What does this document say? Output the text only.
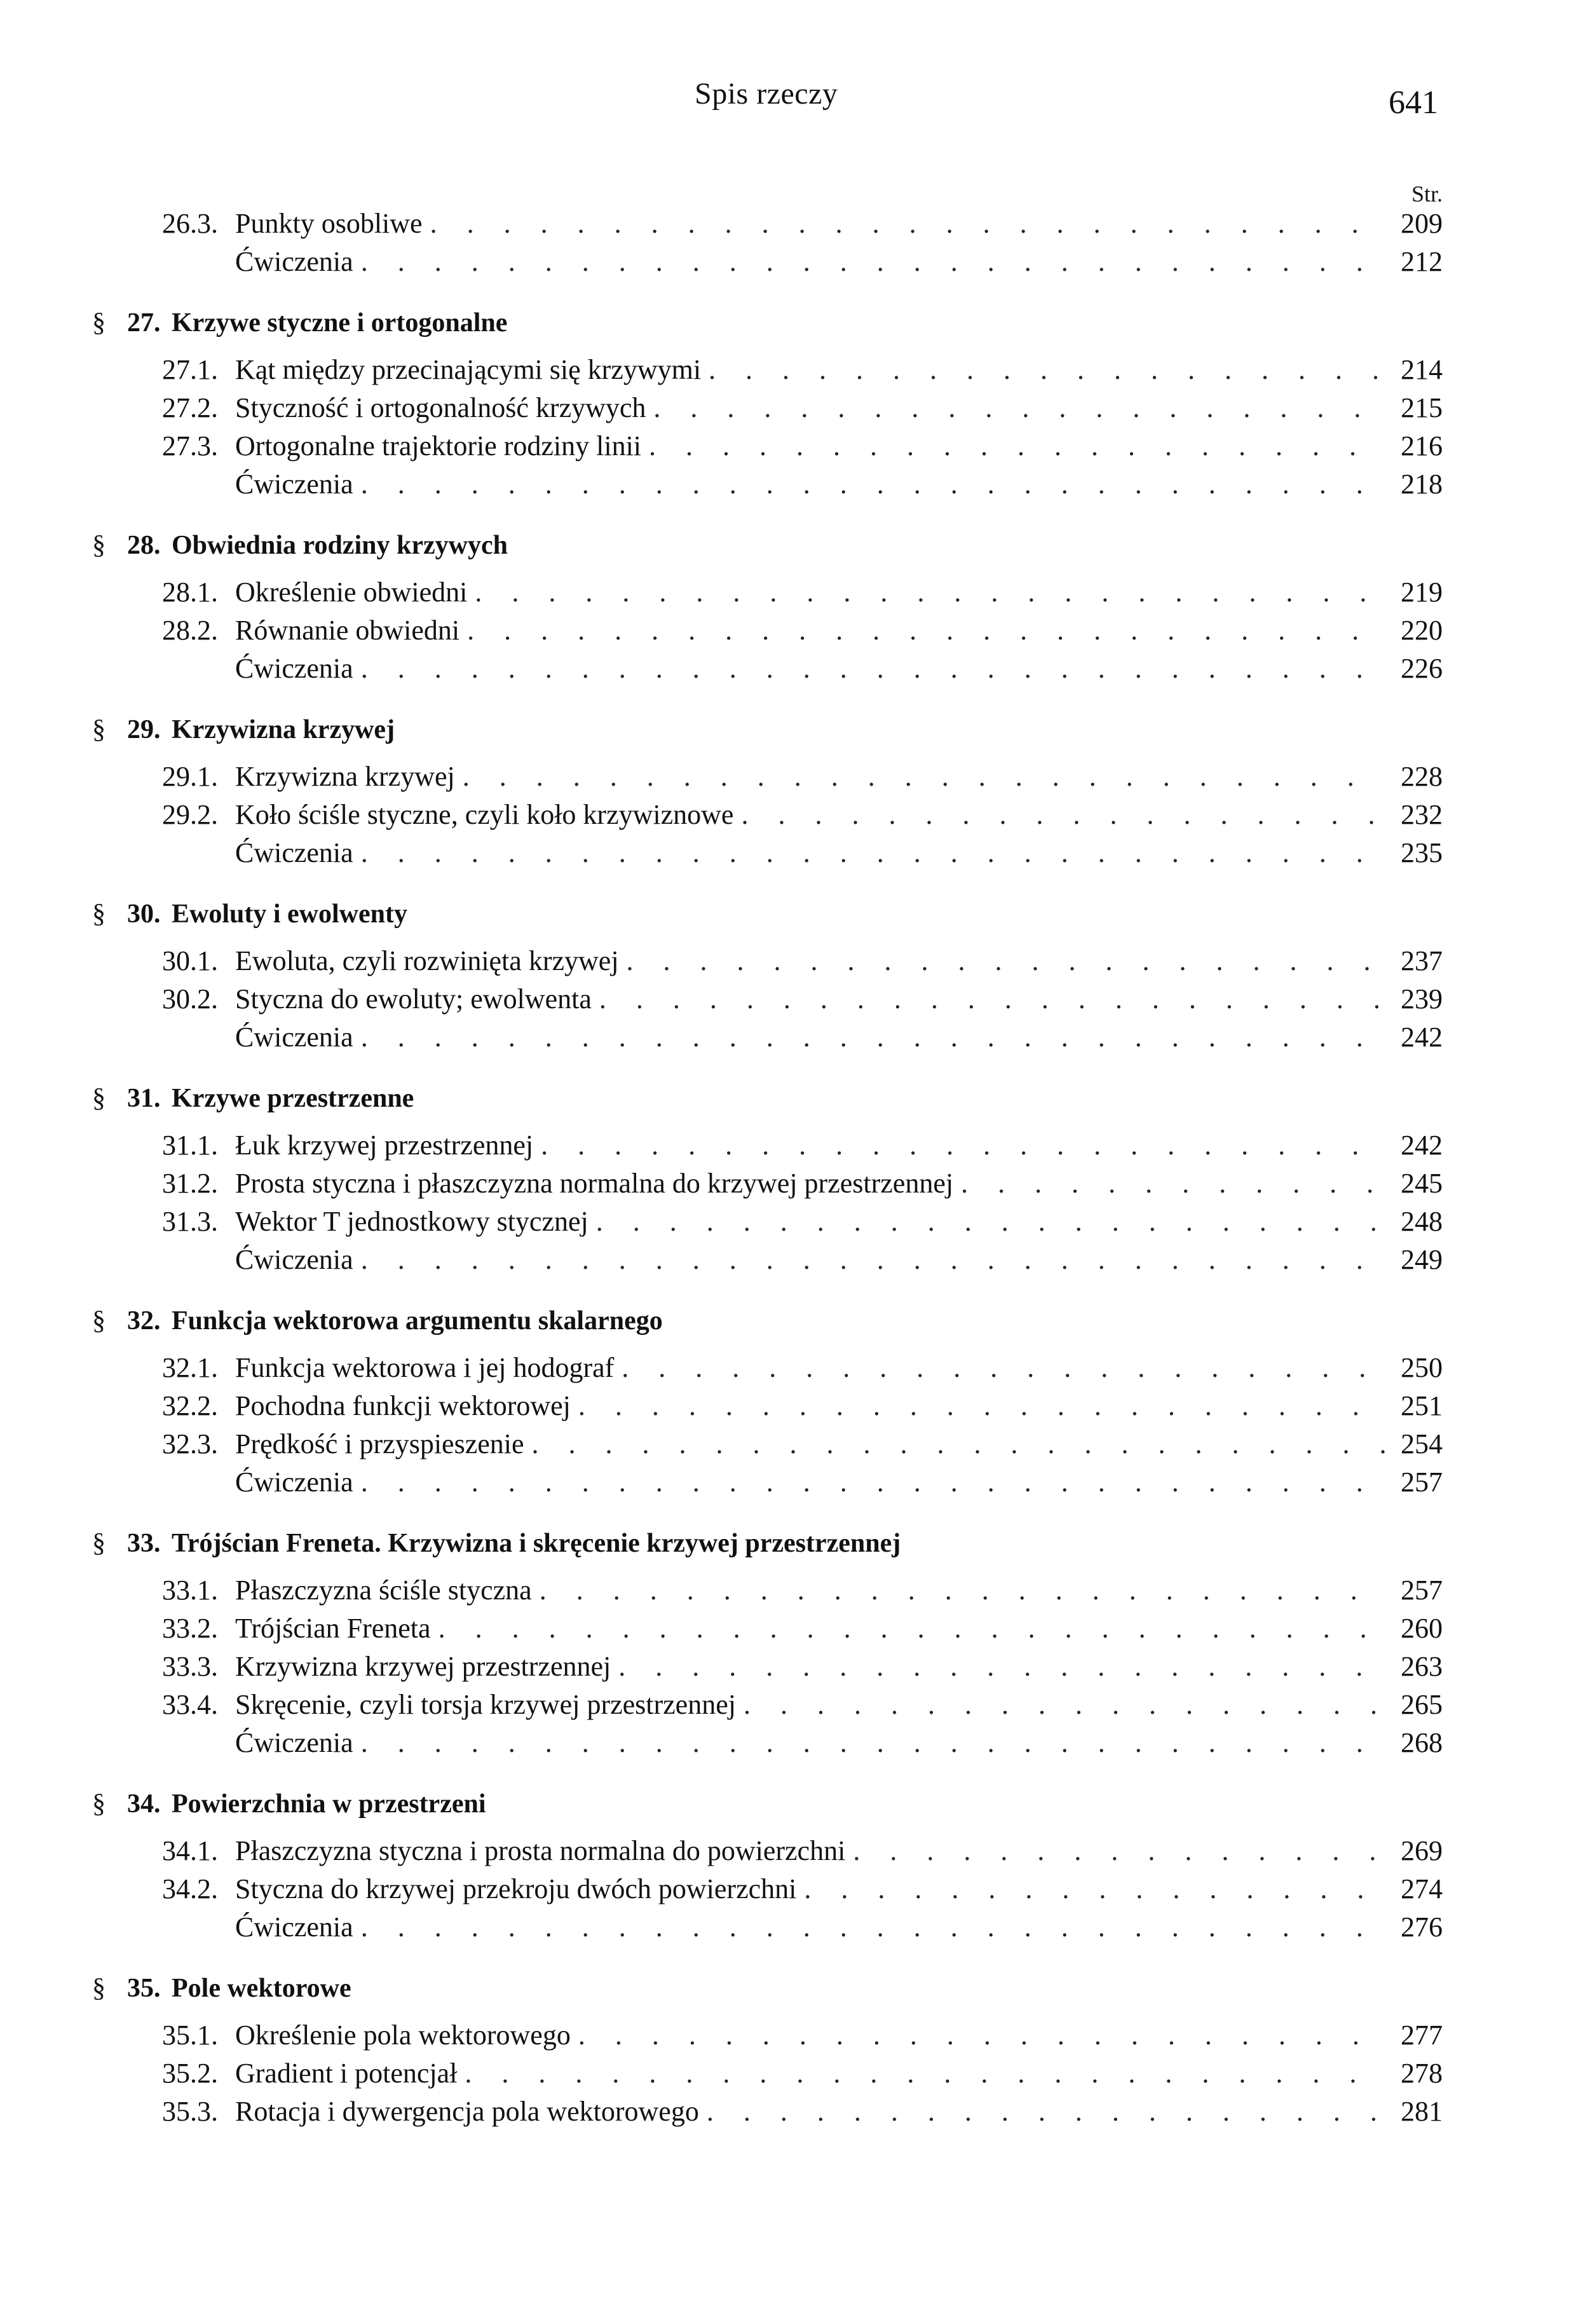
Spis rzeczy	641
Str.
26.3. Punkty osobliwe . . .	209
Ćwiczenia . . .	212
§ 27. Krzywe styczne i ortogonalne
27.1. Kąt między przecinającymi się krzywymi . . .	214
27.2. Styczność i ortogonalność krzywych . . .	215
27.3. Ortogonalne trajektorie rodziny linii . . .	216
Ćwiczenia . . .	218
§ 28. Obwiednia rodziny krzywych
28.1. Określenie obwiedni . . .	219
28.2. Równanie obwiedni . . .	220
Ćwiczenia . . .	226
§ 29. Krzywizna krzywej
29.1. Krzywizna krzywej . . .	228
29.2. Koło ściśle styczne, czyli koło krzywiznowe . . .	232
Ćwiczenia . . .	235
§ 30. Ewoluty i ewolwenty
30.1. Ewoluta, czyli rozwinięta krzywej . . .	237
30.2. Styczna do ewoluty; ewolwenta . . .	239
Ćwiczenia . . .	242
§ 31. Krzywe przestrzenne
31.1. Łuk krzywej przestrzennej . . .	242
31.2. Prosta styczna i płaszczyzna normalna do krzywej przestrzennej . . .	245
31.3. Wektor T jednostkowy stycznej . . .	248
Ćwiczenia . . .	249
§ 32. Funkcja wektorowa argumentu skalarnego
32.1. Funkcja wektorowa i jej hodograf . . .	250
32.2. Pochodna funkcji wektorowej . . .	251
32.3. Prędkość i przyspieszenie . . .	254
Ćwiczenia . . .	257
§ 33. Trójścian Freneta. Krzywizna i skręcenie krzywej przestrzennej
33.1. Płaszczyzna ściśle styczna . . .	257
33.2. Trójścian Freneta . . .	260
33.3. Krzywizna krzywej przestrzennej . . .	263
33.4. Skręcenie, czyli torsja krzywej przestrzennej . . .	265
Ćwiczenia . . .	268
§ 34. Powierzchnia w przestrzeni
34.1. Płaszczyzna styczna i prosta normalna do powierzchni . . .	269
34.2. Styczna do krzywej przekroju dwóch powierzchni . . .	274
Ćwiczenia . . .	276
§ 35. Pole wektorowe
35.1. Określenie pola wektorowego . . .	277
35.2. Gradient i potencjał . . .	278
35.3. Rotacja i dywergencja pola wektorowego . . .	281
